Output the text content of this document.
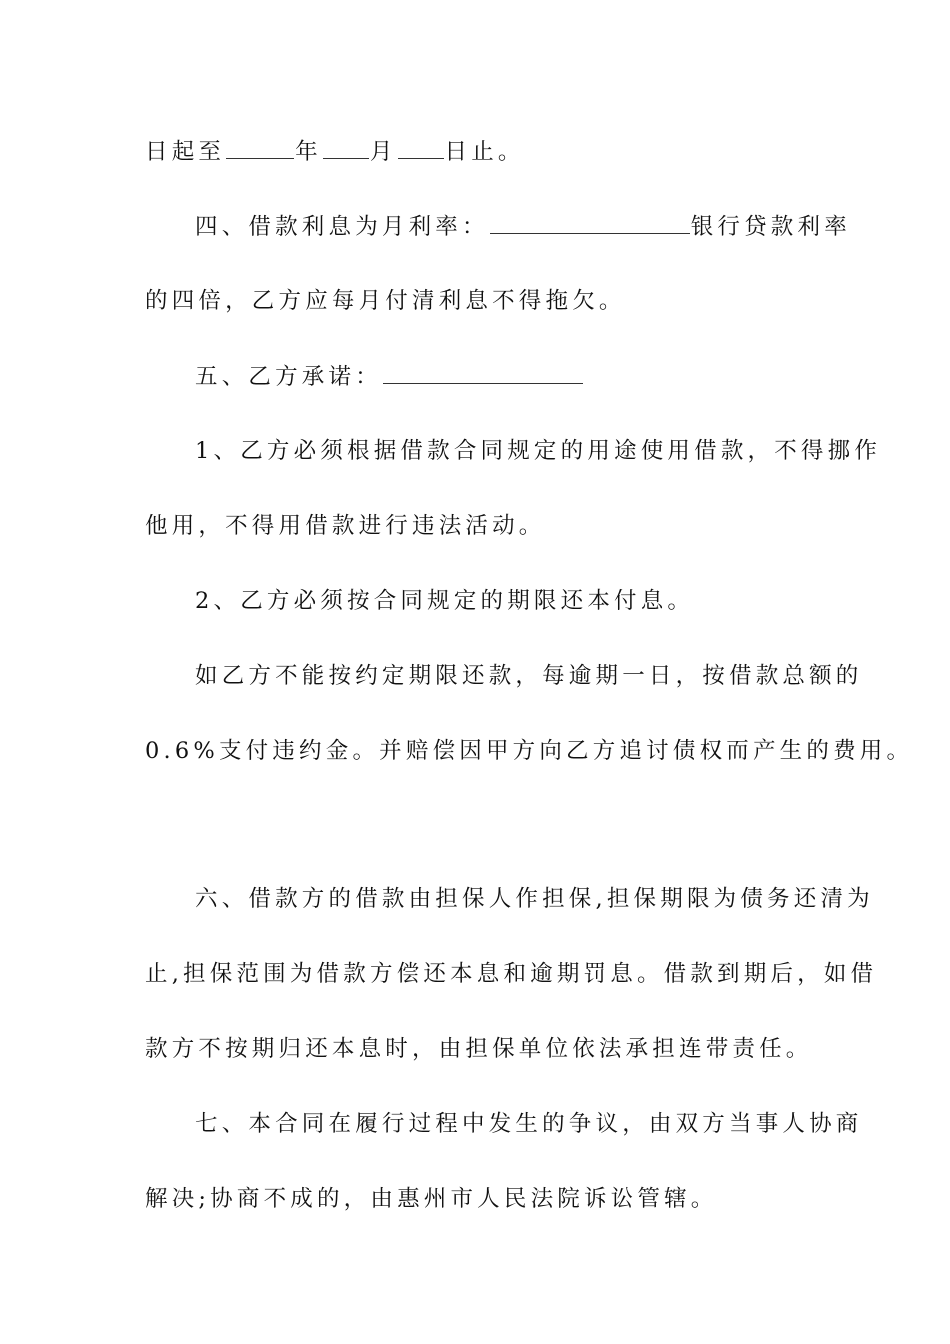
日起至	年 月 日止。
四、借款利息为月利率：	银行贷款利率
的四倍，乙方应每月付清利息不得拖欠。
五、乙方承诺：
1、乙方必须根据借款合同规定的用途使用借款，不得挪作
他用，不得用借款进行违法活动。
2、乙方必须按合同规定的期限还本付息。
如乙方不能按约定期限还款，每逾期一日，按借款总额的
0.6%支付违约金。并赔偿因甲方向乙方追讨债权而产生的费用。
六、借款方的借款由担保人作担保,担保期限为债务还清为
止,担保范围为借款方偿还本息和逾期罚息。借款到期后，如借
款方不按期归还本息时，由担保单位依法承担连带责任。
七、本合同在履行过程中发生的争议，由双方当事人协商
解决;协商不成的，由惠州市人民法院诉讼管辖。
